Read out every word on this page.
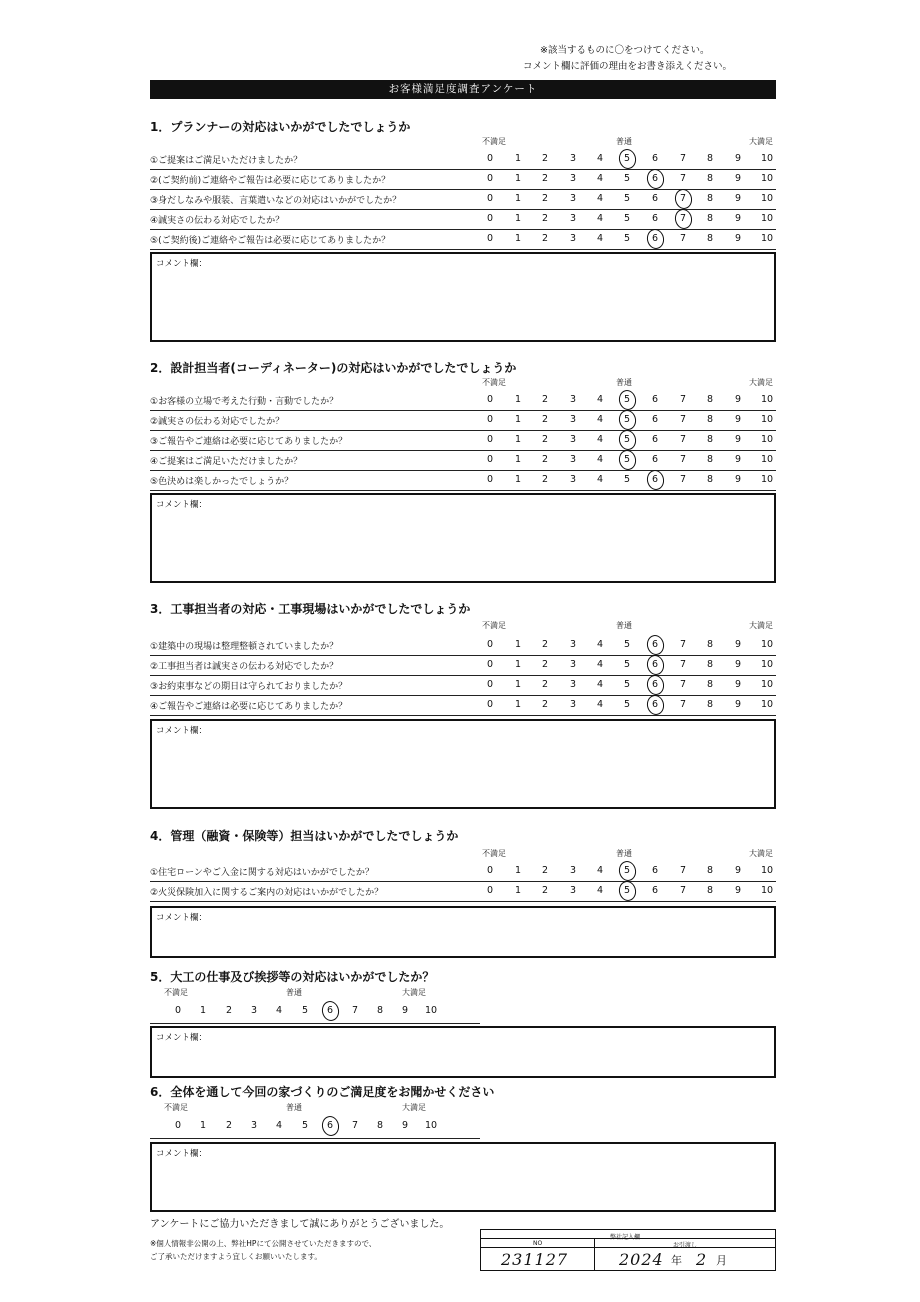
※該当するものに〇をつけてください。
コメント欄に評価の理由をお書き添えください。
お客様満足度調査アンケート
1．プランナーの対応はいかがでしたでしょうか
不満足	普通	大満足
①ご提案はご満足いただけましたか？	0	1	2	3	4	5	6	7	8	9	10
②(ご契約前)ご連絡やご報告は必要に応じてありましたか？	0	1	2	3	4	5	6	7	8	9	10
③身だしなみや服装、言葉遣いなどの対応はいかがでしたか？	0	1	2	3	4	5	6	7	8	9	10
④誠実さの伝わる対応でしたか？	0	1	2	3	4	5	6	7	8	9	10
⑤(ご契約後)ご連絡やご報告は必要に応じてありましたか？	0	1	2	3	4	5	6	7	8	9	10
コメント欄：
2．設計担当者(コーディネーター)の対応はいかがでしたでしょうか
不満足	普通	大満足
①お客様の立場で考えた行動・言動でしたか？	0	1	2	3	4	5	6	7	8	9	10
②誠実さの伝わる対応でしたか？	0	1	2	3	4	5	6	7	8	9	10
③ご報告やご連絡は必要に応じてありましたか？	0	1	2	3	4	5	6	7	8	9	10
④ご提案はご満足いただけましたか？	0	1	2	3	4	5	6	7	8	9	10
⑤色決めは楽しかったでしょうか？	0	1	2	3	4	5	6	7	8	9	10
コメント欄：
3．工事担当者の対応・工事現場はいかがでしたでしょうか
不満足	普通	大満足
①建築中の現場は整理整頓されていましたか？	0	1	2	3	4	5	6	7	8	9	10
②工事担当者は誠実さの伝わる対応でしたか？	0	1	2	3	4	5	6	7	8	9	10
③お約束事などの期日は守られておりましたか？	0	1	2	3	4	5	6	7	8	9	10
④ご報告やご連絡は必要に応じてありましたか？	0	1	2	3	4	5	6	7	8	9	10
コメント欄：
4．管理（融資・保険等）担当はいかがでしたでしょうか
不満足	普通	大満足
①住宅ローンやご入金に関する対応はいかがでしたか？	0	1	2	3	4	5	6	7	8	9	10
②火災保険加入に関するご案内の対応はいかがでしたか？	0	1	2	3	4	5	6	7	8	9	10
コメント欄：
5．大工の仕事及び挨拶等の対応はいかがでしたか？
不満足	普通	大満足
0	1	2	3	4	5	6	7	8	9	10
コメント欄：
6．全体を通して今回の家づくりのご満足度をお聞かせください
不満足	普通	大満足
0	1	2	3	4	5	6	7	8	9	10
コメント欄：
アンケートにご協力いただきまして誠にありがとうございました。
※個人情報非公開の上、弊社HPにて公開させていただきますので、
ご了承いただけますよう宜しくお願いいたします。
NO	お引渡し
231127	2024 年 2 月
